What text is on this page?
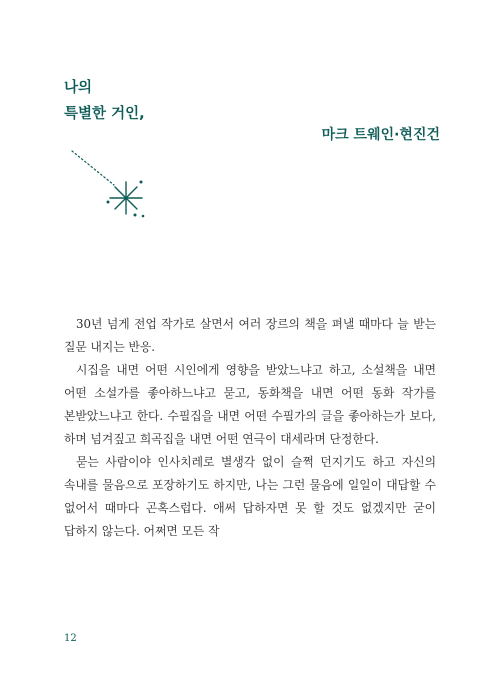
나의
특별한 거인,
마크 트웨인·현진건

30년 넘게 전업 작가로 살면서 여러 장르의 책을 펴낼 때마다 늘 받는 질문 내지는 반응.

시집을 내면 어떤 시인에게 영향을 받았느냐고 하고, 소설책을 내면 어떤 소설가를 좋아하느냐고 묻고, 동화책을 내면 어떤 동화 작가를 본받았느냐고 한다. 수필집을 내면 어떤 수필가의 글을 좋아하는가 보다, 하며 넘겨짚고 희곡집을 내면 어떤 연극이 대세라며 단정한다.

묻는 사람이야 인사치레로 별생각 없이 슬쩍 던지기도 하고 자신의 속내를 물음으로 포장하기도 하지만, 나는 그런 물음에 일일이 대답할 수 없어서 때마다 곤혹스럽다. 애써 답하자면 못 할 것도 없겠지만 굳이 답하지 않는다. 어쩌면 모든 작

12
